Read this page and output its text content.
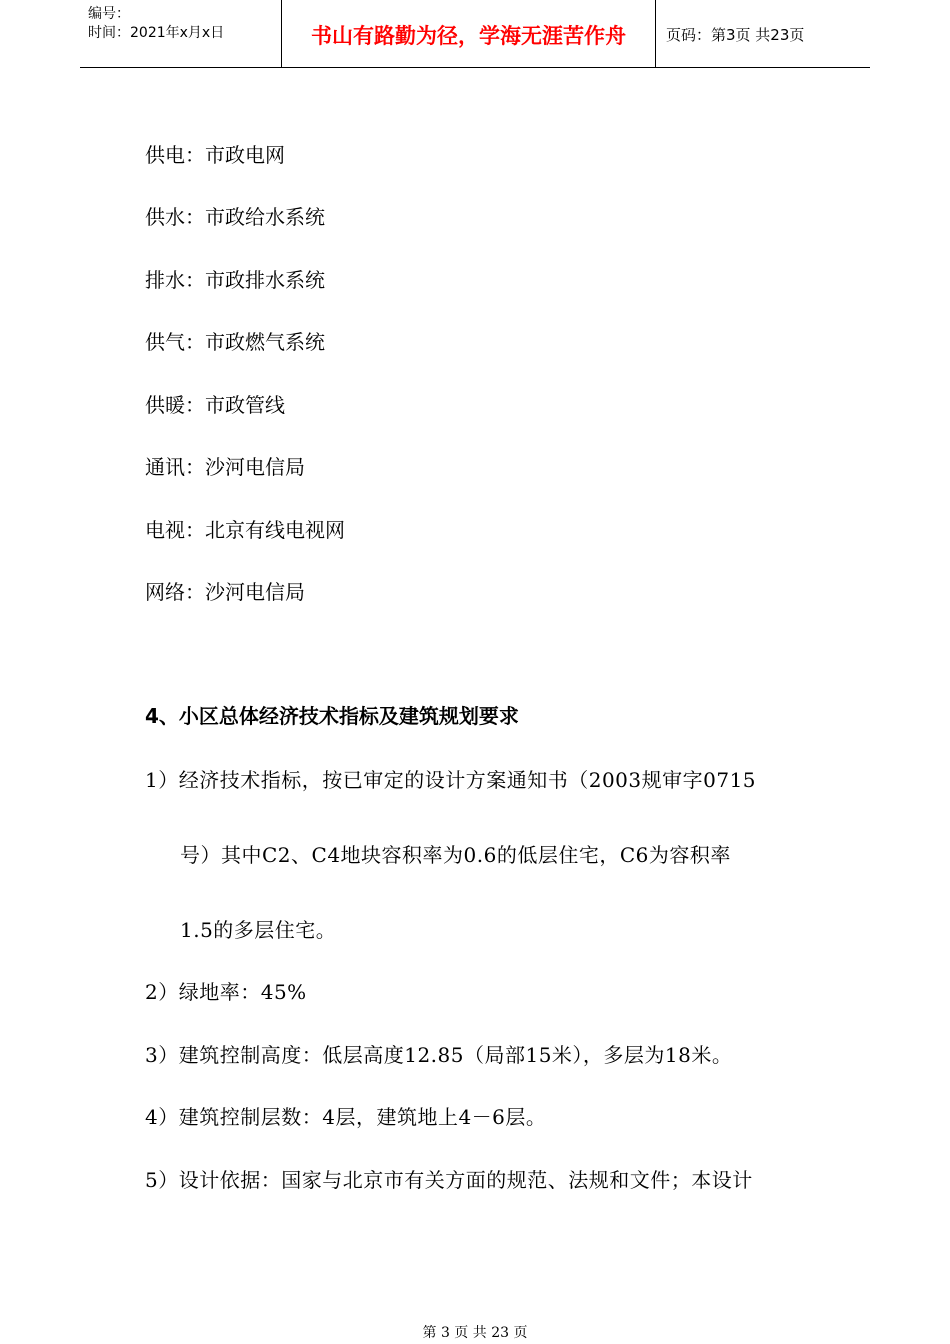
编号：
时间：2021年x月x日	书山有路勤为径，学海无涯苦作舟	页码：第3页 共23页
供电：市政电网
供水：市政给水系统
排水：市政排水系统
供气：市政燃气系统
供暖：市政管线
通讯：沙河电信局
电视：北京有线电视网
网络：沙河电信局
4、小区总体经济技术指标及建筑规划要求
1）经济技术指标，按已审定的设计方案通知书（2003规审字0715
号）其中C2、C4地块容积率为0.6的低层住宅，C6为容积率
1.5的多层住宅。
2）绿地率：45%
3）建筑控制高度：低层高度12.85（局部15米），多层为18米。
4）建筑控制层数：4层，建筑地上4－6层。
5）设计依据：国家与北京市有关方面的规范、法规和文件；本设计
第 3 页 共 23 页
